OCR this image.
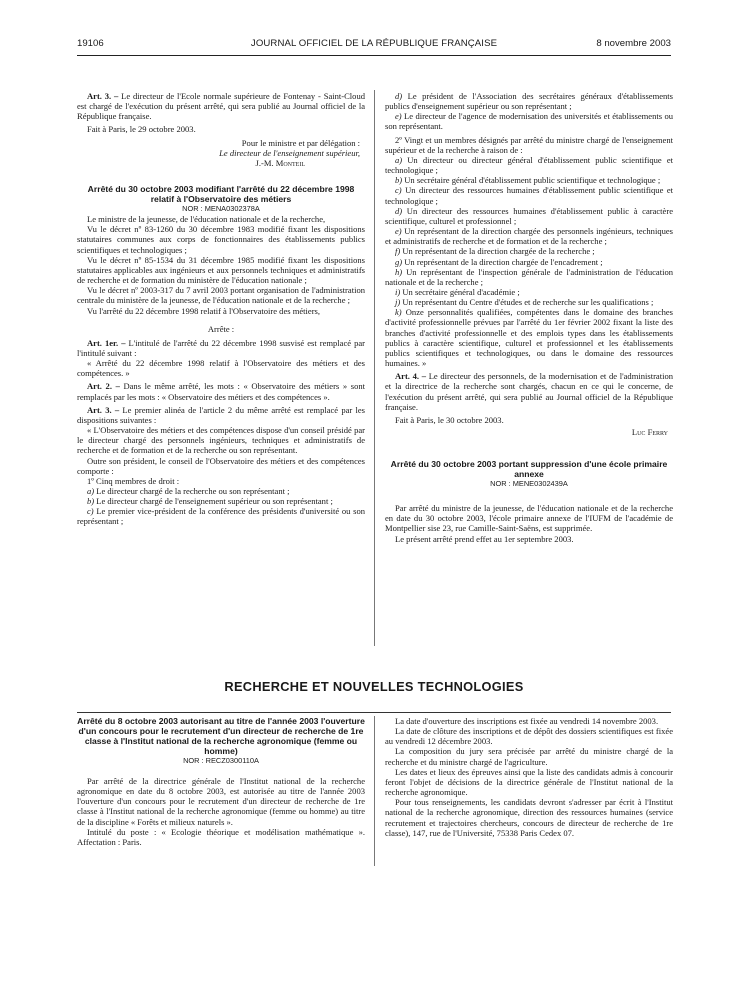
19106	JOURNAL OFFICIEL DE LA RÉPUBLIQUE FRANÇAISE	8 novembre 2003

Art. 3. – Le directeur de l'Ecole normale supérieure de Fontenay - Saint-Cloud est chargé de l'exécution du présent arrêté, qui sera publié au Journal officiel de la République française.

Fait à Paris, le 29 octobre 2003.

Pour le ministre et par délégation :

Le directeur de l'enseignement supérieur,

J.-M. Monteil

Arrêté du 30 octobre 2003 modifiant l'arrêté du 22 décembre 1998 relatif à l'Observatoire des métiers

NOR : MENA0302378A

Le ministre de la jeunesse, de l'éducation nationale et de la recherche,

Vu le décret nº 83-1260 du 30 décembre 1983 modifié fixant les dispositions statutaires communes aux corps de fonctionnaires des établissements publics scientifiques et technologiques ;

Vu le décret nº 85-1534 du 31 décembre 1985 modifié fixant les dispositions statutaires applicables aux ingénieurs et aux personnels techniques et administratifs de recherche et de formation du ministère de l'éducation nationale ;

Vu le décret nº 2003-317 du 7 avril 2003 portant organisation de l'administration centrale du ministère de la jeunesse, de l'éducation nationale et de la recherche ;

Vu l'arrêté du 22 décembre 1998 relatif à l'Observatoire des métiers,

Arrête :

Art. 1er. – L'intitulé de l'arrêté du 22 décembre 1998 susvisé est remplacé par l'intitulé suivant :

« Arrêté du 22 décembre 1998 relatif à l'Observatoire des métiers et des compétences. »

Art. 2. – Dans le même arrêté, les mots : « Observatoire des métiers » sont remplacés par les mots : « Observatoire des métiers et des compétences ».

Art. 3. – Le premier alinéa de l'article 2 du même arrêté est remplacé par les dispositions suivantes :

« L'Observatoire des métiers et des compétences dispose d'un conseil présidé par le directeur chargé des personnels ingénieurs, techniques et administratifs de recherche et de formation et de la recherche ou son représentant.

Outre son président, le conseil de l'Observatoire des métiers et des compétences comporte :

1º Cinq membres de droit :

a) Le directeur chargé de la recherche ou son représentant ;

b) Le directeur chargé de l'enseignement supérieur ou son représentant ;

c) Le premier vice-président de la conférence des présidents d'université ou son représentant ;

d) Le président de l'Association des secrétaires généraux d'établissements publics d'enseignement supérieur ou son représentant ;

e) Le directeur de l'agence de modernisation des universités et établissements ou son représentant.

2º Vingt et un membres désignés par arrêté du ministre chargé de l'enseignement supérieur et de la recherche à raison de :

a) Un directeur ou directeur général d'établissement public scientifique et technologique ;

b) Un secrétaire général d'établissement public scientifique et technologique ;

c) Un directeur des ressources humaines d'établissement public scientifique et technologique ;

d) Un directeur des ressources humaines d'établissement public à caractère scientifique, culturel et professionnel ;

e) Un représentant de la direction chargée des personnels ingénieurs, techniques et administratifs de recherche et de formation et de la recherche ;

f) Un représentant de la direction chargée de la recherche ;

g) Un représentant de la direction chargée de l'encadrement ;

h) Un représentant de l'inspection générale de l'administration de l'éducation nationale et de la recherche ;

i) Un secrétaire général d'académie ;

j) Un représentant du Centre d'études et de recherche sur les qualifications ;

k) Onze personnalités qualifiées, compétentes dans le domaine des branches d'activité professionnelle prévues par l'arrêté du 1er février 2002 fixant la liste des branches d'activité professionnelle et des emplois types dans les établissements publics à caractère scientifique, culturel et professionnel et les établissements publics scientifiques et technologiques, ou dans le domaine des ressources humaines. »

Art. 4. – Le directeur des personnels, de la modernisation et de l'administration et la directrice de la recherche sont chargés, chacun en ce qui le concerne, de l'exécution du présent arrêté, qui sera publié au Journal officiel de la République française.

Fait à Paris, le 30 octobre 2003.

Luc Ferry

Arrêté du 30 octobre 2003 portant suppression d'une école primaire annexe

NOR : MENE0302439A

Par arrêté du ministre de la jeunesse, de l'éducation nationale et de la recherche en date du 30 octobre 2003, l'école primaire annexe de l'IUFM de l'académie de Montpellier sise 23, rue Camille-Saint-Saëns, est supprimée.

Le présent arrêté prend effet au 1er septembre 2003.

RECHERCHE ET NOUVELLES TECHNOLOGIES

Arrêté du 8 octobre 2003 autorisant au titre de l'année 2003 l'ouverture d'un concours pour le recrutement d'un directeur de recherche de 1re classe à l'Institut national de la recherche agronomique (femme ou homme)

NOR : RECZ0300110A

Par arrêté de la directrice générale de l'Institut national de la recherche agronomique en date du 8 octobre 2003, est autorisée au titre de l'année 2003 l'ouverture d'un concours pour le recrutement d'un directeur de recherche de 1re classe à l'Institut national de la recherche agronomique (femme ou homme) au titre de la discipline « Forêts et milieux naturels ».

Intitulé du poste : « Ecologie théorique et modélisation mathématique ». Affectation : Paris.

La date d'ouverture des inscriptions est fixée au vendredi 14 novembre 2003.

La date de clôture des inscriptions et de dépôt des dossiers scientifiques est fixée au vendredi 12 décembre 2003.

La composition du jury sera précisée par arrêté du ministre chargé de la recherche et du ministre chargé de l'agriculture.

Les dates et lieux des épreuves ainsi que la liste des candidats admis à concourir feront l'objet de décisions de la directrice générale de l'Institut national de la recherche agronomique.

Pour tous renseignements, les candidats devront s'adresser par écrit à l'Institut national de la recherche agronomique, direction des ressources humaines (service recrutement et trajectoires chercheurs, concours de directeur de recherche de 1re classe), 147, rue de l'Université, 75338 Paris Cedex 07.
